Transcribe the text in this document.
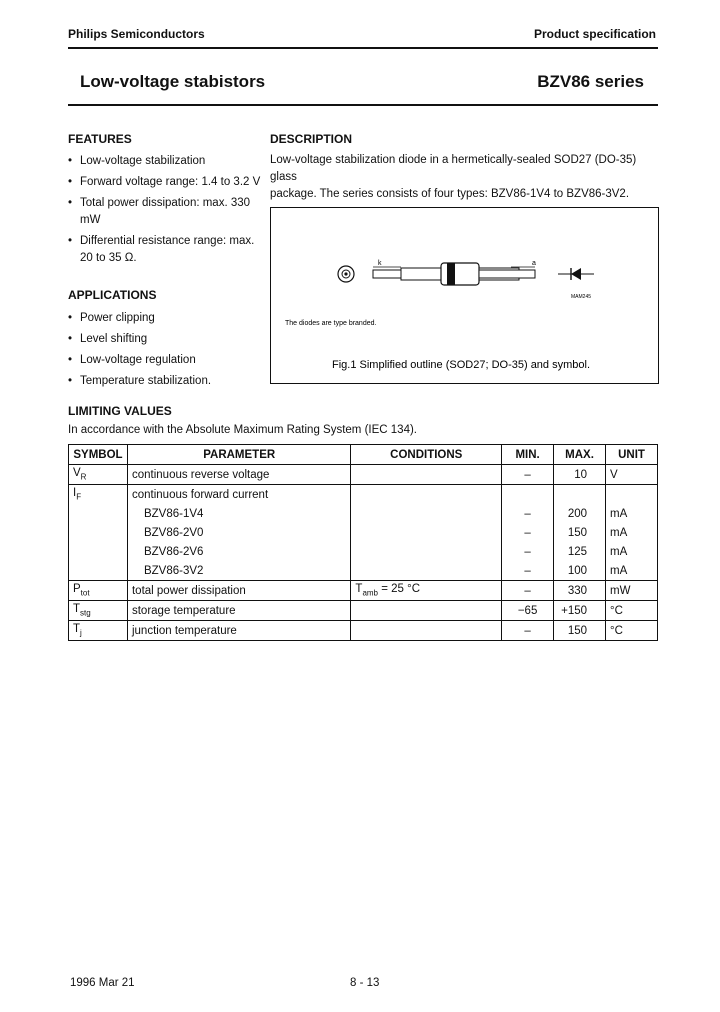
Philips Semiconductors	Product specification
Low-voltage stabistors	BZV86 series
FEATURES
• Low-voltage stabilization
• Forward voltage range: 1.4 to 3.2 V
• Total power dissipation: max. 330 mW
• Differential resistance range: max. 20 to 35 Ω.
APPLICATIONS
• Power clipping
• Level shifting
• Low-voltage regulation
• Temperature stabilization.
DESCRIPTION
Low-voltage stabilization diode in a hermetically-sealed SOD27 (DO-35) glass
package. The series consists of four types: BZV86-1V4 to BZV86-3V2.
k	a
MAM245
The diodes are type branded.
Fig.1 Simplified outline (SOD27; DO-35) and symbol.
LIMITING VALUES
In accordance with the Absolute Maximum Rating System (IEC 134).
SYMBOL	PARAMETER	CONDITIONS	MIN.	MAX.	UNIT
$V_R$	continuous reverse voltage		–	10	V
$I_F$	continuous forward current				
	BZV86-1V4		–	200	mA
	BZV86-2V0		–	150	mA
	BZV86-2V6		–	125	mA
	BZV86-3V2		–	100	mA
$P_{tot}$	total power dissipation	$T_{amb} = 25$ °C	–	330	mW
$T_{stg}$	storage temperature		−65	+150	°C
$T_j$	junction temperature		–	150	°C
1996 Mar 21	8 - 13
